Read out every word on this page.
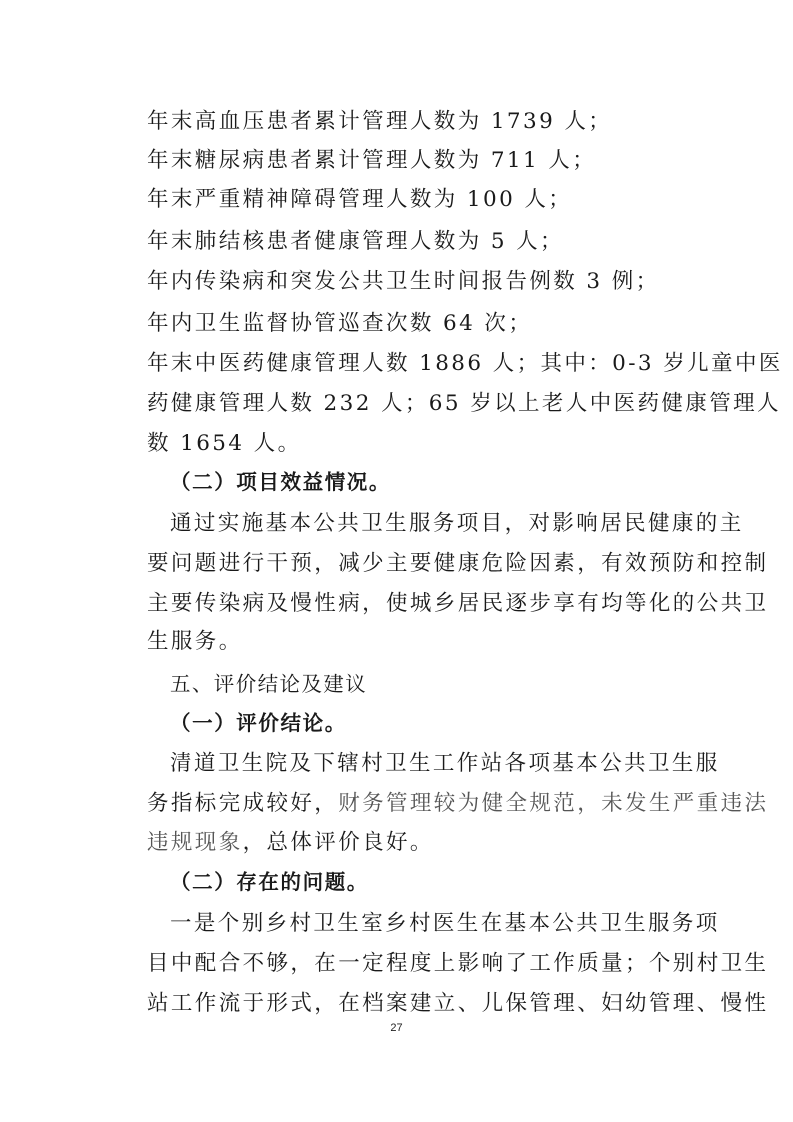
年末高血压患者累计管理人数为 1739 人；
年末糖尿病患者累计管理人数为 711 人；
年末严重精神障碍管理人数为 100 人；
年末肺结核患者健康管理人数为 5 人；
年内传染病和突发公共卫生时间报告例数 3 例；
年内卫生监督协管巡查次数 64 次；
年末中医药健康管理人数 1886 人；其中：0-3 岁儿童中医
药健康管理人数 232 人；65 岁以上老人中医药健康管理人
数 1654 人。
（二）项目效益情况。
通过实施基本公共卫生服务项目，对影响居民健康的主
要问题进行干预，减少主要健康危险因素，有效预防和控制
主要传染病及慢性病，使城乡居民逐步享有均等化的公共卫
生服务。
五、评价结论及建议
（一）评价结论。
清道卫生院及下辖村卫生工作站各项基本公共卫生服
务指标完成较好，财务管理较为健全规范，未发生严重违法
违规现象，总体评价良好。
（二）存在的问题。
一是个别乡村卫生室乡村医生在基本公共卫生服务项
目中配合不够，在一定程度上影响了工作质量；个别村卫生
站工作流于形式，在档案建立、儿保管理、妇幼管理、慢性
27
